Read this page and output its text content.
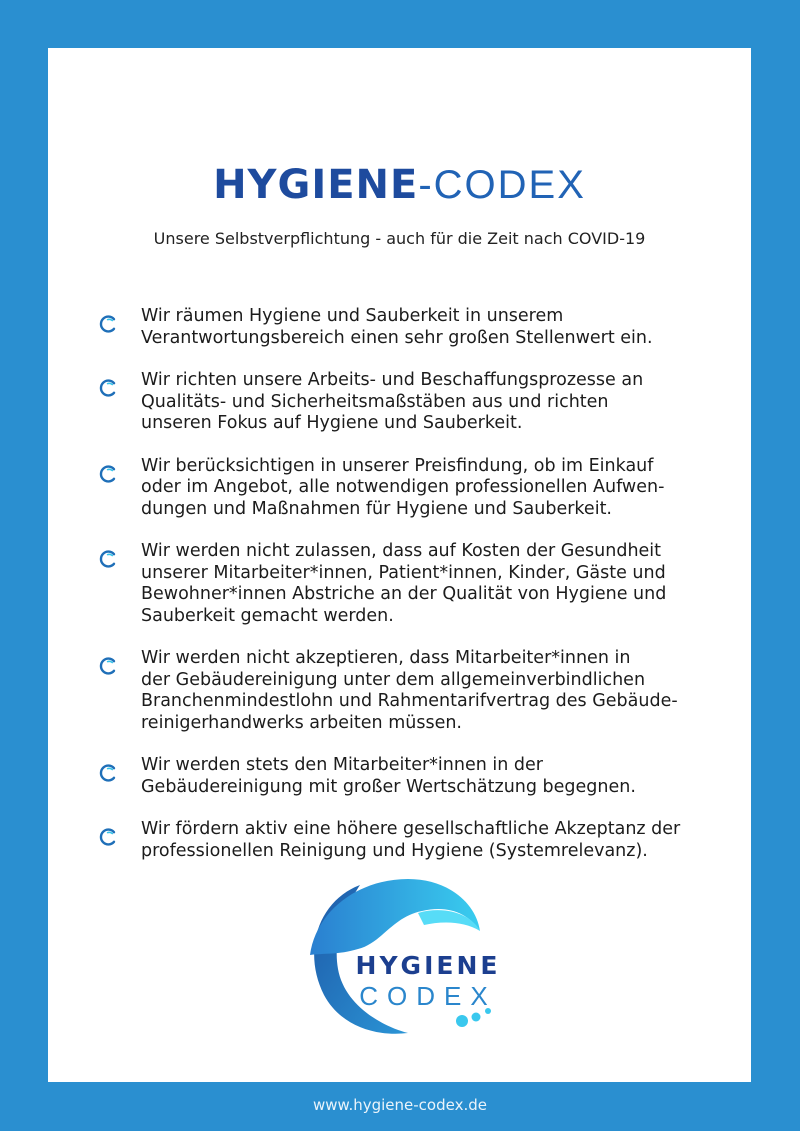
HYGIENE-CODEX
Unsere Selbstverpflichtung - auch für die Zeit nach COVID-19
Wir räumen Hygiene und Sauberkeit in unserem
Verantwortungsbereich einen sehr großen Stellenwert ein.
Wir richten unsere Arbeits- und Beschaffungsprozesse an
Qualitäts- und Sicherheitsmaßstäben aus und richten
unseren Fokus auf Hygiene und Sauberkeit.
Wir berücksichtigen in unserer Preisfindung, ob im Einkauf
oder im Angebot, alle notwendigen professionellen Aufwen-
dungen und Maßnahmen für Hygiene und Sauberkeit.
Wir werden nicht zulassen, dass auf Kosten der Gesundheit
unserer Mitarbeiter*innen, Patient*innen, Kinder, Gäste und
Bewohner*innen Abstriche an der Qualität von Hygiene und
Sauberkeit gemacht werden.
Wir werden nicht akzeptieren, dass Mitarbeiter*innen in
der Gebäudereinigung unter dem allgemeinverbindlichen
Branchenmindestlohn und Rahmentarifvertrag des Gebäude-
reinigerhandwerks arbeiten müssen.
Wir werden stets den Mitarbeiter*innen in der
Gebäudereinigung mit großer Wertschätzung begegnen.
Wir fördern aktiv eine höhere gesellschaftliche Akzeptanz der
professionellen Reinigung und Hygiene (Systemrelevanz).
HYGIENE
CODEX
www.hygiene-codex.de
